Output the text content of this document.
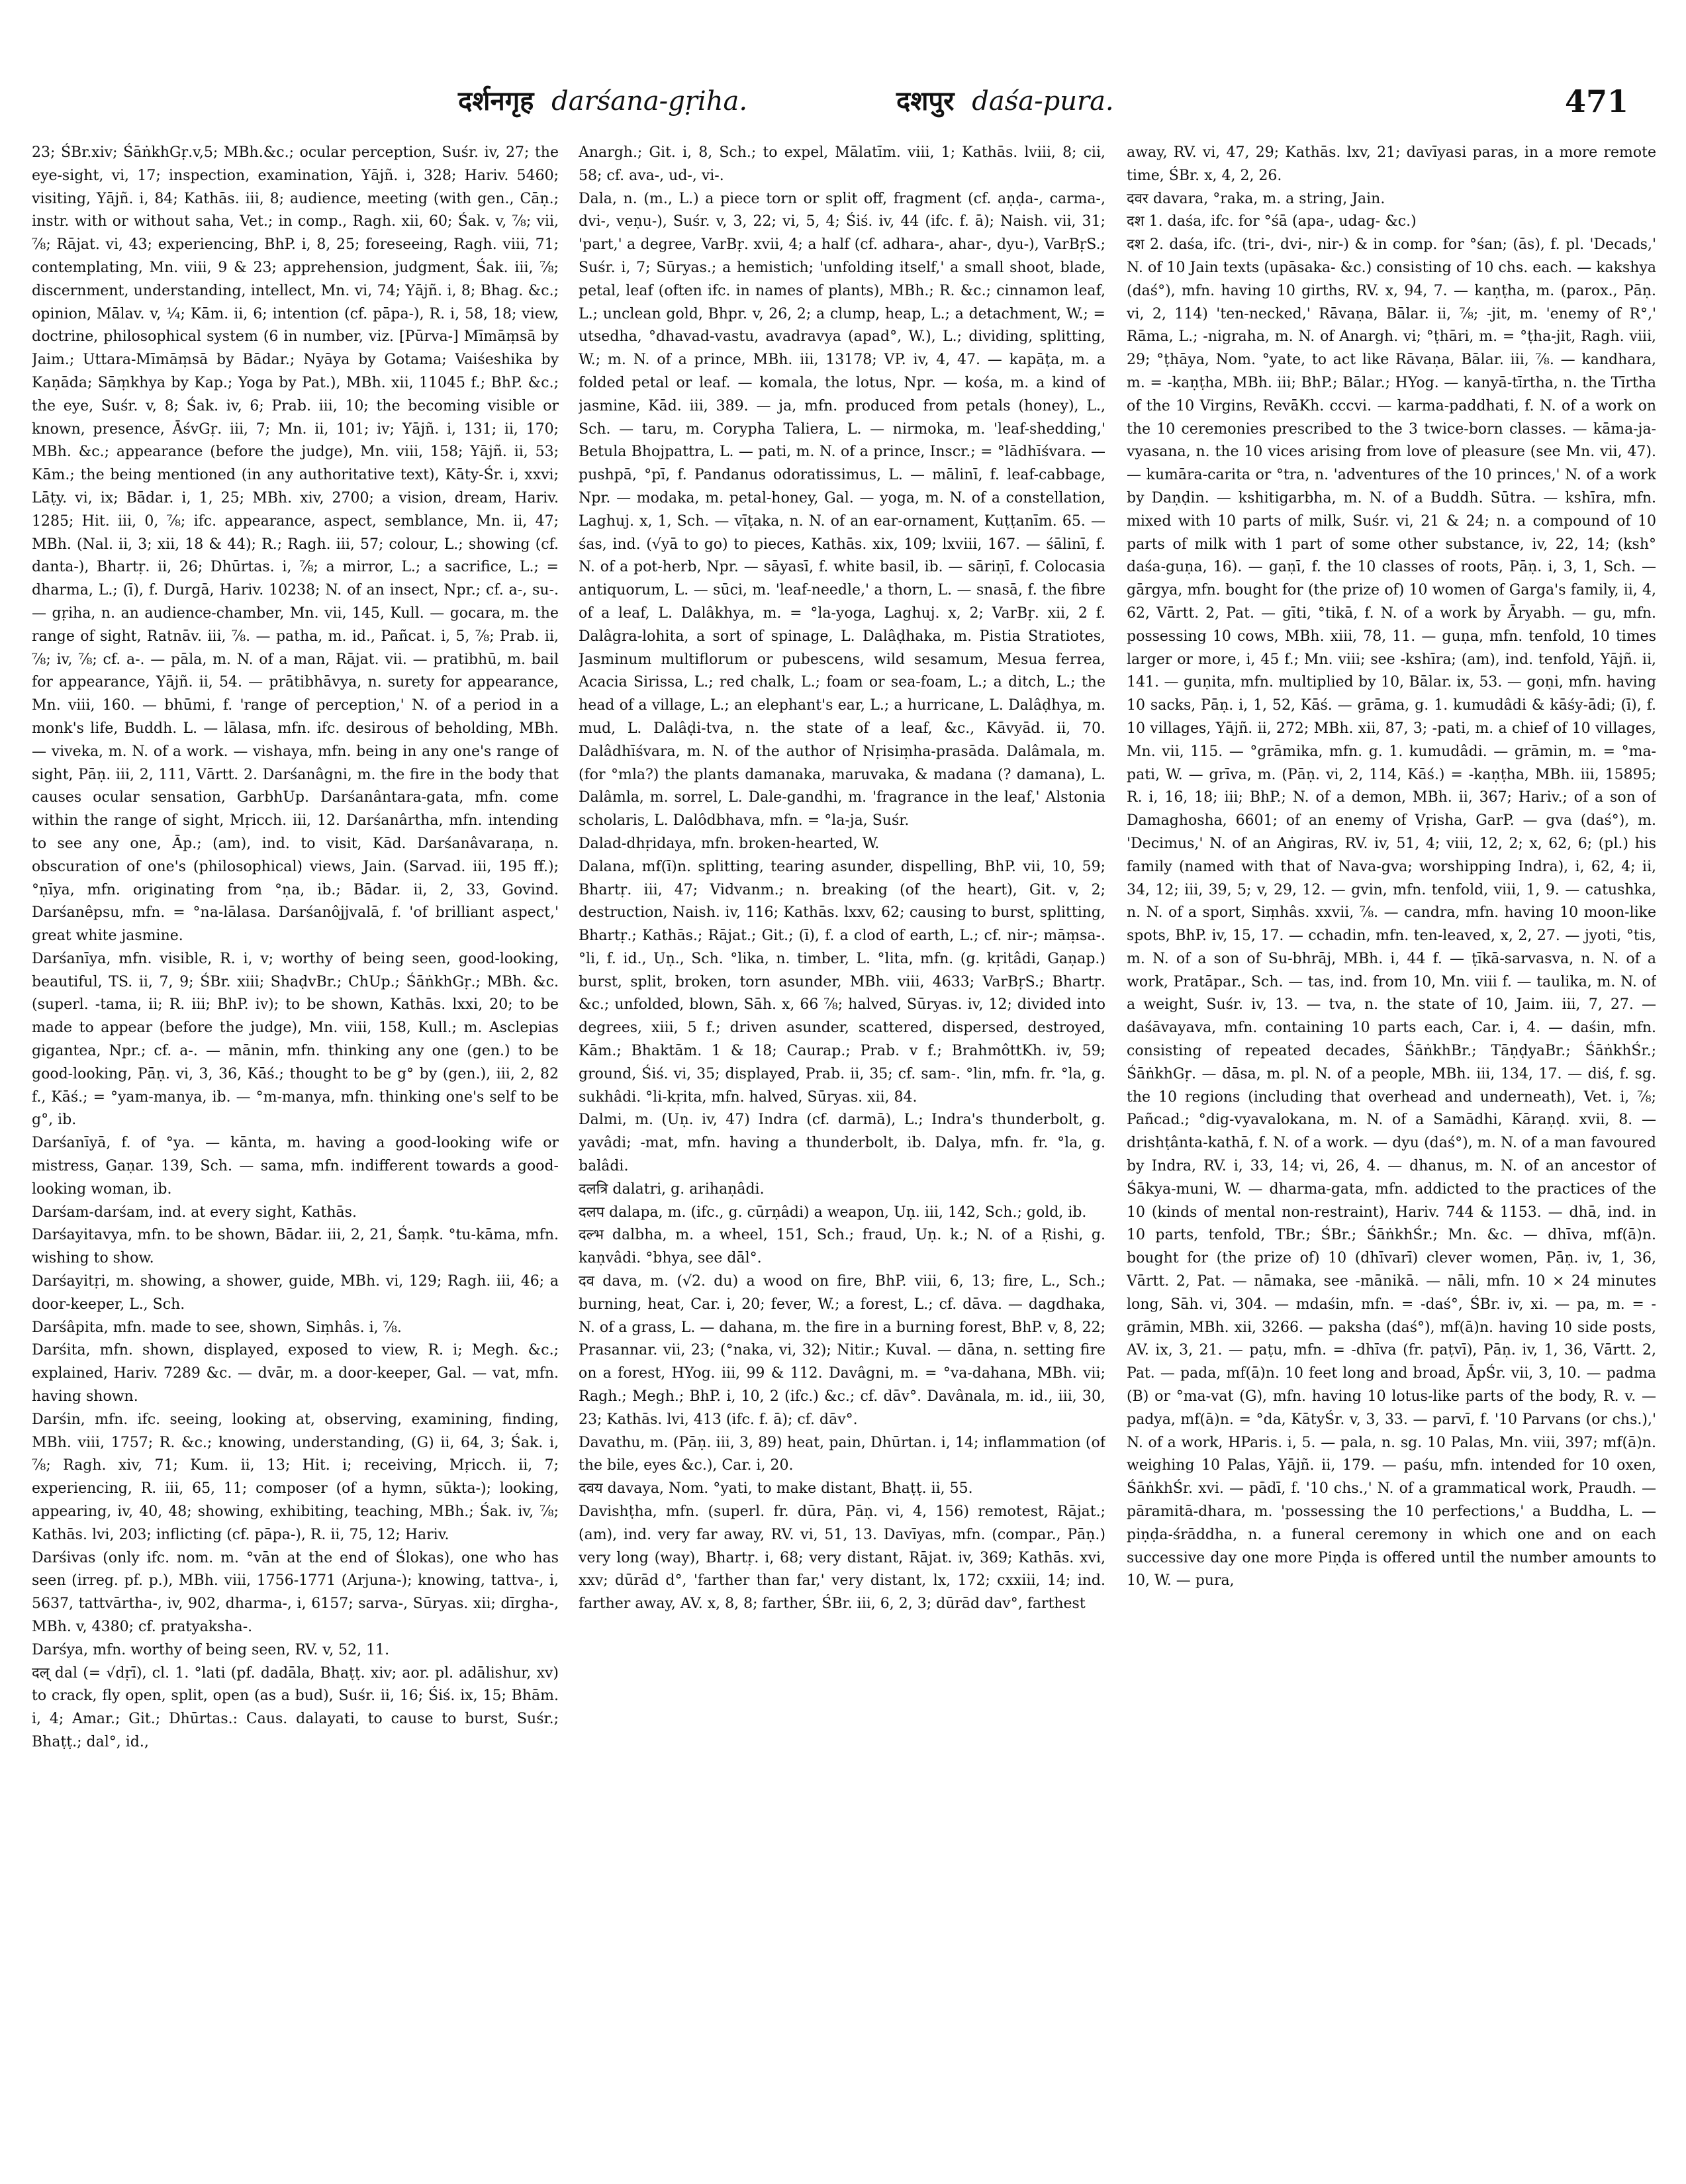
दर्शनगृह darśana-gṛiha.	दशपुर daśa-pura.	471

23; ŚBr.xiv; ŚāṅkhGṛ.v,5; MBh.&c.; ocular perception, Suśr. iv, 27; the eye-sight, vi, 17; inspection, examination, Yājñ. i, 328; Hariv. 5460; visiting, Yājñ. i, 84; Kathās. iii, 8; audience, meeting (with gen., Cāṇ.; instr. with or without saha, Vet.; in comp., Ragh. xii, 60; Śak. v, ⅞; vii, ⅞; Rājat. vi, 43; experiencing, BhP. i, 8, 25; foreseeing, Ragh. viii, 71; contemplating, Mn. viii, 9 & 23; apprehension, judgment, Śak. iii, ⅞; discernment, understanding, intellect, Mn. vi, 74; Yājñ. i, 8; Bhag. &c.; opinion, Mālav. v, ¼; Kām. ii, 6; intention (cf. pāpa-), R. i, 58, 18; view, doctrine, philosophical system (6 in number, viz. [Pūrva-] Mīmāṃsā by Jaim.; Uttara-Mīmāṃsā by Bādar.; Nyāya by Gotama; Vaiśeshika by Kaṇāda; Sāṃkhya by Kap.; Yoga by Pat.), MBh. xii, 11045 f.; BhP. &c.; the eye, Suśr. v, 8; Śak. iv, 6; Prab. iii, 10; the becoming visible or known, presence, ĀśvGṛ. iii, 7; Mn. ii, 101; iv; Yājñ. i, 131; ii, 170; MBh. &c.; appearance (before the judge), Mn. viii, 158; Yājñ. ii, 53; Kām.; the being mentioned (in any authoritative text), Kāty-Śr. i, xxvi; Lāṭy. vi, ix; Bādar. i, 1, 25; MBh. xiv, 2700; a vision, dream, Hariv. 1285; Hit. iii, 0, ⅞; ifc. appearance, aspect, semblance, Mn. ii, 47; MBh. (Nal. ii, 3; xii, 18 & 44); R.; Ragh. iii, 57; colour, L.; showing (cf. danta-), Bhartṛ. ii, 26; Dhūrtas. i, ⅞; a mirror, L.; a sacrifice, L.; = dharma, L.; (ī), f. Durgā, Hariv. 10238; N. of an insect, Npr.; cf. a-, su-. — gṛiha, n. an audience-chamber, Mn. vii, 145, Kull. — gocara, m. the range of sight, Ratnāv. iii, ⅞. — patha, m. id., Pañcat. i, 5, ⅞; Prab. ii, ⅞; iv, ⅞; cf. a-. — pāla, m. N. of a man, Rājat. vii. — pratibhū, m. bail for appearance, Yājñ. ii, 54. — prātibhāvya, n. surety for appearance, Mn. viii, 160. — bhūmi, f. 'range of perception,' N. of a period in a monk's life, Buddh. L. — lālasa, mfn. ifc. desirous of beholding, MBh. — viveka, m. N. of a work. — vishaya, mfn. being in any one's range of sight, Pāṇ. iii, 2, 111, Vārtt. 2. Darśanâgni, m. the fire in the body that causes ocular sensation, GarbhUp. Darśanântara-gata, mfn. come within the range of sight, Mṛicch. iii, 12. Darśanârtha, mfn. intending to see any one, Āp.; (am), ind. to visit, Kād. Darśanâvaraṇa, n. obscuration of one's (philosophical) views, Jain. (Sarvad. iii, 195 ff.); °ṇīya, mfn. originating from °ṇa, ib.; Bādar. ii, 2, 33, Govind. Darśanêpsu, mfn. = °na-lālasa. Darśanôjjvalā, f. 'of brilliant aspect,' great white jasmine.

Darśanīya, mfn. visible, R. i, v; worthy of being seen, good-looking, beautiful, TS. ii, 7, 9; ŚBr. xiii; ShaḍvBr.; ChUp.; ŚāṅkhGṛ.; MBh. &c. (superl. -tama, ii; R. iii; BhP. iv); to be shown, Kathās. lxxi, 20; to be made to appear (before the judge), Mn. viii, 158, Kull.; m. Asclepias gigantea, Npr.; cf. a-. — mānin, mfn. thinking any one (gen.) to be good-looking, Pāṇ. vi, 3, 36, Kāś.; thought to be g° by (gen.), iii, 2, 82 f., Kāś.; = °yam-manya, ib. — °m-manya, mfn. thinking one's self to be g°, ib.

Darśanīyā, f. of °ya. — kānta, m. having a good-looking wife or mistress, Gaṇar. 139, Sch. — sama, mfn. indifferent towards a good-looking woman, ib.

Darśam-darśam, ind. at every sight, Kathās.

Darśayitavya, mfn. to be shown, Bādar. iii, 2, 21, Śaṃk. °tu-kāma, mfn. wishing to show.

Darśayitṛi, m. showing, a shower, guide, MBh. vi, 129; Ragh. iii, 46; a door-keeper, L., Sch.

Darśâpita, mfn. made to see, shown, Siṃhâs. i, ⅞.

Darśita, mfn. shown, displayed, exposed to view, R. i; Megh. &c.; explained, Hariv. 7289 &c. — dvār, m. a door-keeper, Gal. — vat, mfn. having shown.

Darśin, mfn. ifc. seeing, looking at, observing, examining, finding, MBh. viii, 1757; R. &c.; knowing, understanding, (G) ii, 64, 3; Śak. i, ⅞; Ragh. xiv, 71; Kum. ii, 13; Hit. i; receiving, Mṛicch. ii, 7; experiencing, R. iii, 65, 11; composer (of a hymn, sūkta-); looking, appearing, iv, 40, 48; showing, exhibiting, teaching, MBh.; Śak. iv, ⅞; Kathās. lvi, 203; inflicting (cf. pāpa-), R. ii, 75, 12; Hariv.

Darśivas (only ifc. nom. m. °vān at the end of Ślokas), one who has seen (irreg. pf. p.), MBh. viii, 1756-1771 (Arjuna-); knowing, tattva-, i, 5637, tattvārtha-, iv, 902, dharma-, i, 6157; sarva-, Sūryas. xii; dīrgha-, MBh. v, 4380; cf. pratyaksha-.

Darśya, mfn. worthy of being seen, RV. v, 52, 11.

दल् dal (= √dṛī), cl. 1. °lati (pf. dadāla, Bhaṭṭ. xiv; aor. pl. adālishur, xv) to crack, fly open, split, open (as a bud), Suśr. ii, 16; Śiś. ix, 15; Bhām. i, 4; Amar.; Git.; Dhūrtas.: Caus. dalayati, to cause to burst, Suśr.; Bhaṭṭ.; dal°, id.,

Anargh.; Git. i, 8, Sch.; to expel, Mālatīm. viii, 1; Kathās. lviii, 8; cii, 58; cf. ava-, ud-, vi-.

Dala, n. (m., L.) a piece torn or split off, fragment (cf. aṇḍa-, carma-, dvi-, veṇu-), Suśr. v, 3, 22; vi, 5, 4; Śiś. iv, 44 (ifc. f. ā); Naish. vii, 31; 'part,' a degree, VarBṛ. xvii, 4; a half (cf. adhara-, ahar-, dyu-), VarBṛS.; Suśr. i, 7; Sūryas.; a hemistich; 'unfolding itself,' a small shoot, blade, petal, leaf (often ifc. in names of plants), MBh.; R. &c.; cinnamon leaf, L.; unclean gold, Bhpr. v, 26, 2; a clump, heap, L.; a detachment, W.; = utsedha, °dhavad-vastu, avadravya (apad°, W.), L.; dividing, splitting, W.; m. N. of a prince, MBh. iii, 13178; VP. iv, 4, 47. — kapāṭa, m. a folded petal or leaf. — komala, the lotus, Npr. — kośa, m. a kind of jasmine, Kād. iii, 389. — ja, mfn. produced from petals (honey), L., Sch. — taru, m. Corypha Taliera, L. — nirmoka, m. 'leaf-shedding,' Betula Bhojpattra, L. — pati, m. N. of a prince, Inscr.; = °lādhīśvara. — pushpā, °pī, f. Pandanus odoratissimus, L. — mālinī, f. leaf-cabbage, Npr. — modaka, m. petal-honey, Gal. — yoga, m. N. of a constellation, Laghuj. x, 1, Sch. — vīṭaka, n. N. of an ear-ornament, Kuṭṭanīm. 65. — śas, ind. (√yā to go) to pieces, Kathās. xix, 109; lxviii, 167. — śālinī, f. N. of a pot-herb, Npr. — sāyasī, f. white basil, ib. — sāriṇī, f. Colocasia antiquorum, L. — sūci, m. 'leaf-needle,' a thorn, L. — snasā, f. the fibre of a leaf, L. Dalâkhya, m. = °la-yoga, Laghuj. x, 2; VarBṛ. xii, 2 f. Dalâgra-lohita, a sort of spinage, L. Dalâḍhaka, m. Pistia Stratiotes, Jasminum multiflorum or pubescens, wild sesamum, Mesua ferrea, Acacia Sirissa, L.; red chalk, L.; foam or sea-foam, L.; a ditch, L.; the head of a village, L.; an elephant's ear, L.; a hurricane, L. Dalâḍhya, m. mud, L. Dalâḍi-tva, n. the state of a leaf, &c., Kāvyād. ii, 70. Dalâdhīśvara, m. N. of the author of Nṛisiṃha-prasāda. Dalâmala, m. (for °mla?) the plants damanaka, maruvaka, & madana (? damana), L. Dalâmla, m. sorrel, L. Dale-gandhi, m. 'fragrance in the leaf,' Alstonia scholaris, L. Dalôdbhava, mfn. = °la-ja, Suśr.

Dalad-dhṛidaya, mfn. broken-hearted, W.

Dalana, mf(ī)n. splitting, tearing asunder, dispelling, BhP. vii, 10, 59; Bhartṛ. iii, 47; Vidvanm.; n. breaking (of the heart), Git. v, 2; destruction, Naish. iv, 116; Kathās. lxxv, 62; causing to burst, splitting, Bhartṛ.; Kathās.; Rājat.; Git.; (ī), f. a clod of earth, L.; cf. nir-; māṃsa-. °li, f. id., Uṇ., Sch. °lika, n. timber, L. °lita, mfn. (g. kṛitâdi, Gaṇap.) burst, split, broken, torn asunder, MBh. viii, 4633; VarBṛS.; Bhartṛ. &c.; unfolded, blown, Sāh. x, 66 ⅞; halved, Sūryas. iv, 12; divided into degrees, xiii, 5 f.; driven asunder, scattered, dispersed, destroyed, Kām.; Bhaktām. 1 & 18; Caurap.; Prab. v f.; BrahmôttKh. iv, 59; ground, Śiś. vi, 35; displayed, Prab. ii, 35; cf. sam-. °lin, mfn. fr. °la, g. sukhâdi. °li-kṛita, mfn. halved, Sūryas. xii, 84.

Dalmi, m. (Uṇ. iv, 47) Indra (cf. darmā), L.; Indra's thunderbolt, g. yavâdi; -mat, mfn. having a thunderbolt, ib. Dalya, mfn. fr. °la, g. balâdi.

दलत्रि dalatri, g. arihaṇâdi.

दलप dalapa, m. (ifc., g. cūrṇâdi) a weapon, Uṇ. iii, 142, Sch.; gold, ib.

दल्भ dalbha, m. a wheel, 151, Sch.; fraud, Uṇ. k.; N. of a Ṛishi, g. kaṇvâdi. °bhya, see dāl°.

दव dava, m. (√2. du) a wood on fire, BhP. viii, 6, 13; fire, L., Sch.; burning, heat, Car. i, 20; fever, W.; a forest, L.; cf. dāva. — dagdhaka, N. of a grass, L. — dahana, m. the fire in a burning forest, BhP. v, 8, 22; Prasannar. vii, 23; (°naka, vi, 32); Nitir.; Kuval. — dāna, n. setting fire on a forest, HYog. iii, 99 & 112. Davâgni, m. = °va-dahana, MBh. vii; Ragh.; Megh.; BhP. i, 10, 2 (ifc.) &c.; cf. dāv°. Davânala, m. id., iii, 30, 23; Kathās. lvi, 413 (ifc. f. ā); cf. dāv°.

Davathu, m. (Pāṇ. iii, 3, 89) heat, pain, Dhūrtan. i, 14; inflammation (of the bile, eyes &c.), Car. i, 20.

दवय davaya, Nom. °yati, to make distant, Bhaṭṭ. ii, 55.

Davishṭha, mfn. (superl. fr. dūra, Pāṇ. vi, 4, 156) remotest, Rājat.; (am), ind. very far away, RV. vi, 51, 13. Davīyas, mfn. (compar., Pāṇ.) very long (way), Bhartṛ. i, 68; very distant, Rājat. iv, 369; Kathās. xvi, xxv; dūrād d°, 'farther than far,' very distant, lx, 172; cxxiii, 14; ind. farther away, AV. x, 8, 8; farther, ŚBr. iii, 6, 2, 3; dūrād dav°, farthest

away, RV. vi, 47, 29; Kathās. lxv, 21; davīyasi paras, in a more remote time, ŚBr. x, 4, 2, 26.

दवर davara, °raka, m. a string, Jain.

दश 1. daśa, ifc. for °śā (apa-, udag- &c.)

दश 2. daśa, ifc. (tri-, dvi-, nir-) & in comp. for °śan; (ās), f. pl. 'Decads,' N. of 10 Jain texts (upāsaka- &c.) consisting of 10 chs. each. — kakshya (daś°), mfn. having 10 girths, RV. x, 94, 7. — kaṇṭha, m. (parox., Pāṇ. vi, 2, 114) 'ten-necked,' Rāvaṇa, Bālar. ii, ⅞; -jit, m. 'enemy of R°,' Rāma, L.; -nigraha, m. N. of Anargh. vi; °ṭhāri, m. = °ṭha-jit, Ragh. viii, 29; °ṭhāya, Nom. °yate, to act like Rāvaṇa, Bālar. iii, ⅞. — kandhara, m. = -kaṇṭha, MBh. iii; BhP.; Bālar.; HYog. — kanyā-tīrtha, n. the Tīrtha of the 10 Virgins, RevāKh. cccvi. — karma-paddhati, f. N. of a work on the 10 ceremonies prescribed to the 3 twice-born classes. — kāma-ja-vyasana, n. the 10 vices arising from love of pleasure (see Mn. vii, 47). — kumāra-carita or °tra, n. 'adventures of the 10 princes,' N. of a work by Daṇḍin. — kshitigarbha, m. N. of a Buddh. Sūtra. — kshīra, mfn. mixed with 10 parts of milk, Suśr. vi, 21 & 24; n. a compound of 10 parts of milk with 1 part of some other substance, iv, 22, 14; (ksh° daśa-guṇa, 16). — gaṇī, f. the 10 classes of roots, Pāṇ. i, 3, 1, Sch. — gārgya, mfn. bought for (the prize of) 10 women of Garga's family, ii, 4, 62, Vārtt. 2, Pat. — gīti, °tikā, f. N. of a work by Āryabh. — gu, mfn. possessing 10 cows, MBh. xiii, 78, 11. — guṇa, mfn. tenfold, 10 times larger or more, i, 45 f.; Mn. viii; see -kshīra; (am), ind. tenfold, Yājñ. ii, 141. — guṇita, mfn. multiplied by 10, Bālar. ix, 53. — goṇi, mfn. having 10 sacks, Pāṇ. i, 1, 52, Kāś. — grāma, g. 1. kumudâdi & kāśy-ādi; (ī), f. 10 villages, Yājñ. ii, 272; MBh. xii, 87, 3; -pati, m. a chief of 10 villages, Mn. vii, 115. — °grāmika, mfn. g. 1. kumudâdi. — grāmin, m. = °ma-pati, W. — grīva, m. (Pāṇ. vi, 2, 114, Kāś.) = -kaṇṭha, MBh. iii, 15895; R. i, 16, 18; iii; BhP.; N. of a demon, MBh. ii, 367; Hariv.; of a son of Damaghosha, 6601; of an enemy of Vṛisha, GarP. — gva (daś°), m. 'Decimus,' N. of an Aṅgiras, RV. iv, 51, 4; viii, 12, 2; x, 62, 6; (pl.) his family (named with that of Nava-gva; worshipping Indra), i, 62, 4; ii, 34, 12; iii, 39, 5; v, 29, 12. — gvin, mfn. tenfold, viii, 1, 9. — catushka, n. N. of a sport, Siṃhâs. xxvii, ⅞. — candra, mfn. having 10 moon-like spots, BhP. iv, 15, 17. — cchadin, mfn. ten-leaved, x, 2, 27. — jyoti, °tis, m. N. of a son of Su-bhrāj, MBh. i, 44 f. — ṭīkā-sarvasva, n. N. of a work, Pratāpar., Sch. — tas, ind. from 10, Mn. viii f. — taulika, m. N. of a weight, Suśr. iv, 13. — tva, n. the state of 10, Jaim. iii, 7, 27. — daśāvayava, mfn. containing 10 parts each, Car. i, 4. — daśin, mfn. consisting of repeated decades, ŚāṅkhBr.; TāṇḍyaBr.; ŚāṅkhŚr.; ŚāṅkhGṛ. — dāsa, m. pl. N. of a people, MBh. iii, 134, 17. — diś, f. sg. the 10 regions (including that overhead and underneath), Vet. i, ⅞; Pañcad.; °dig-vyavalokana, m. N. of a Samādhi, Kāraṇḍ. xvii, 8. — drishṭânta-kathā, f. N. of a work. — dyu (daś°), m. N. of a man favoured by Indra, RV. i, 33, 14; vi, 26, 4. — dhanus, m. N. of an ancestor of Śākya-muni, W. — dharma-gata, mfn. addicted to the practices of the 10 (kinds of mental non-restraint), Hariv. 744 & 1153. — dhā, ind. in 10 parts, tenfold, TBr.; ŚBr.; ŚāṅkhŚr.; Mn. &c. — dhīva, mf(ā)n. bought for (the prize of) 10 (dhīvarī) clever women, Pāṇ. iv, 1, 36, Vārtt. 2, Pat. — nāmaka, see -mānikā. — nāli, mfn. 10 × 24 minutes long, Sāh. vi, 304. — mdaśin, mfn. = -daś°, ŚBr. iv, xi. — pa, m. = -grāmin, MBh. xii, 3266. — paksha (daś°), mf(ā)n. having 10 side posts, AV. ix, 3, 21. — paṭu, mfn. = -dhīva (fr. paṭvī), Pāṇ. iv, 1, 36, Vārtt. 2, Pat. — pada, mf(ā)n. 10 feet long and broad, ĀpŚr. vii, 3, 10. — padma (B) or °ma-vat (G), mfn. having 10 lotus-like parts of the body, R. v. — padya, mf(ā)n. = °da, KātyŚr. v, 3, 33. — parvī, f. '10 Parvans (or chs.),' N. of a work, HParis. i, 5. — pala, n. sg. 10 Palas, Mn. viii, 397; mf(ā)n. weighing 10 Palas, Yājñ. ii, 179. — paśu, mfn. intended for 10 oxen, ŚāṅkhŚr. xvi. — pādī, f. '10 chs.,' N. of a grammatical work, Praudh. — pāramitā-dhara, m. 'possessing the 10 perfections,' a Buddha, L. — piṇḍa-śrāddha, n. a funeral ceremony in which one and on each successive day one more Piṇḍa is offered until the number amounts to 10, W. — pura,
